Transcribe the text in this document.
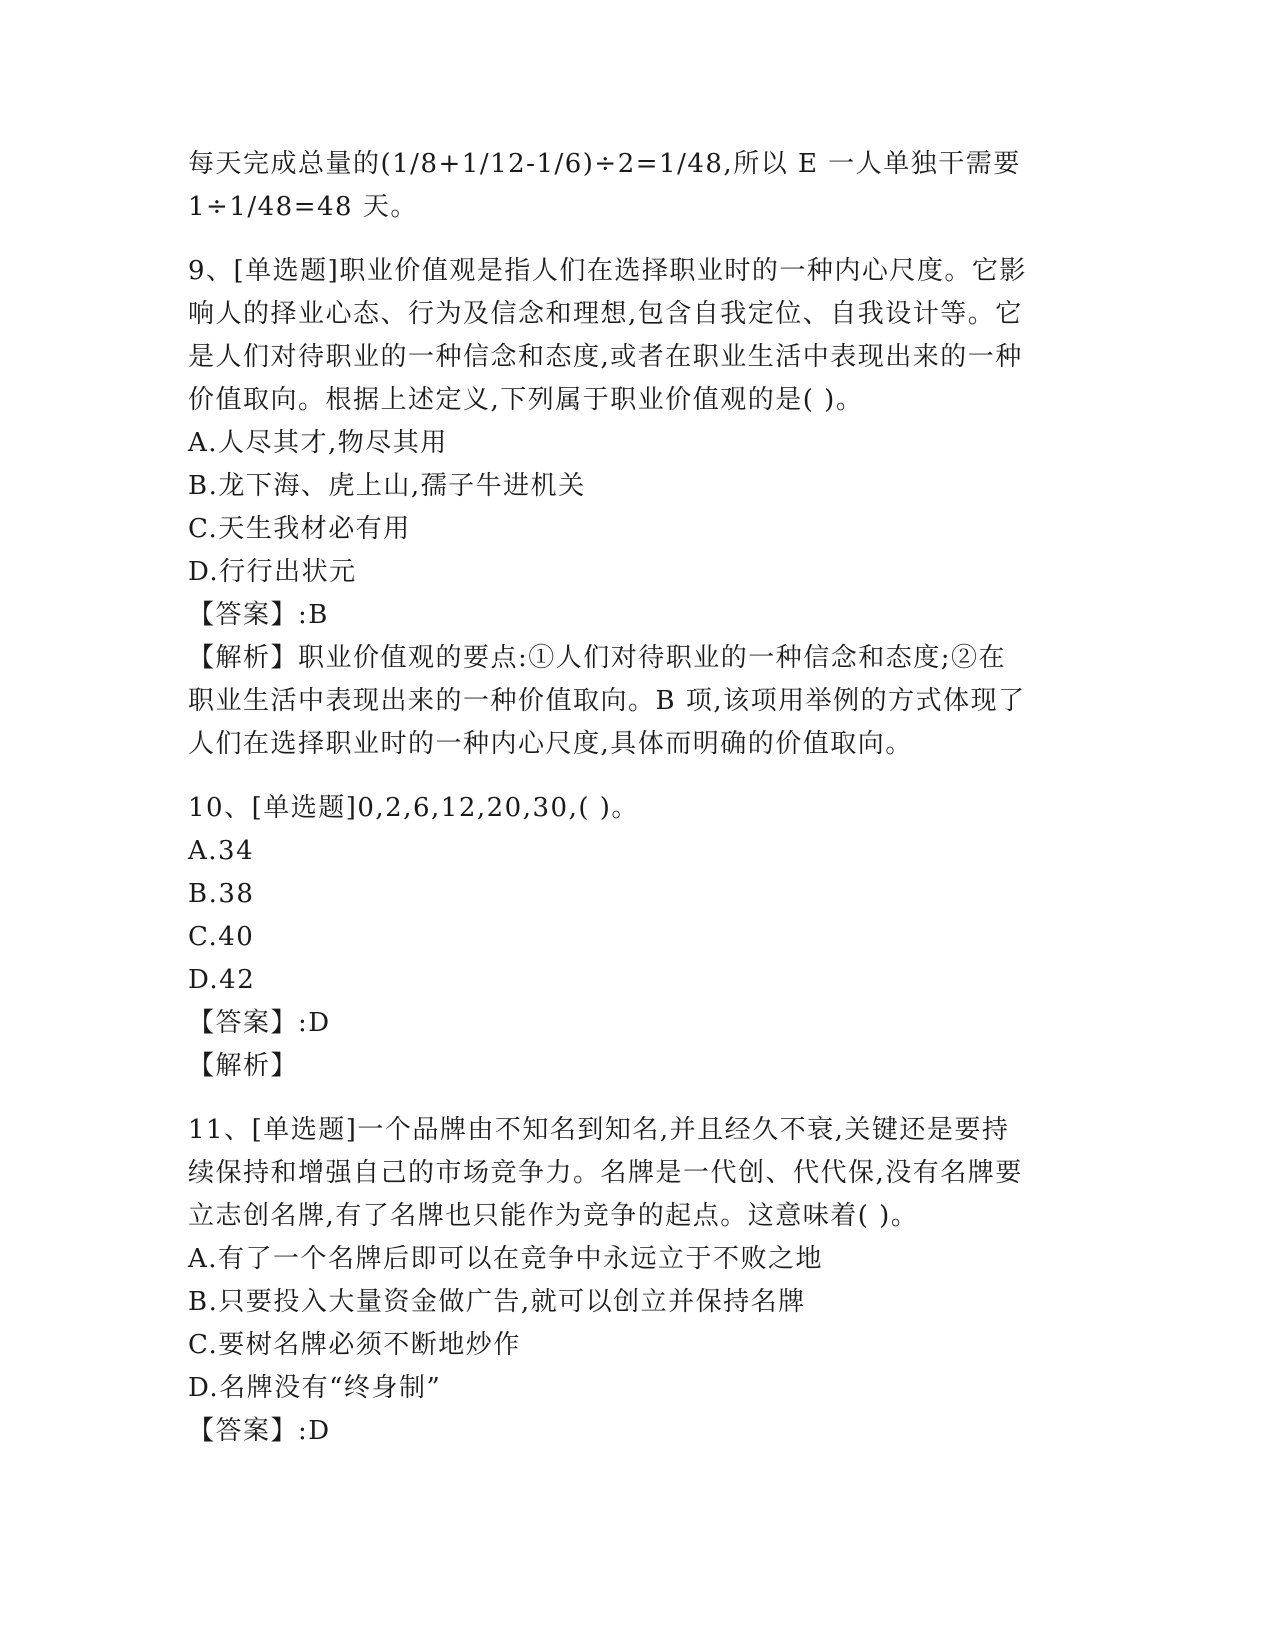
每天完成总量的(1/8+1/12-1/6)÷2=1/48,所以 E 一人单独干需要
1÷1/48=48 天。
9、[单选题]职业价值观是指人们在选择职业时的一种内心尺度。它影
响人的择业心态、行为及信念和理想,包含自我定位、自我设计等。它
是人们对待职业的一种信念和态度,或者在职业生活中表现出来的一种
价值取向。根据上述定义,下列属于职业价值观的是( )。
A.人尽其才,物尽其用
B.龙下海、虎上山,孺子牛进机关
C.天生我材必有用
D.行行出状元
【答案】:B
【解析】职业价值观的要点:①人们对待职业的一种信念和态度;②在
职业生活中表现出来的一种价值取向。B 项,该项用举例的方式体现了
人们在选择职业时的一种内心尺度,具体而明确的价值取向。
10、[单选题]0,2,6,12,20,30,( )。
A.34
B.38
C.40
D.42
【答案】:D
【解析】
11、[单选题]一个品牌由不知名到知名,并且经久不衰,关键还是要持
续保持和增强自己的市场竞争力。名牌是一代创、代代保,没有名牌要
立志创名牌,有了名牌也只能作为竞争的起点。这意味着( )。
A.有了一个名牌后即可以在竞争中永远立于不败之地
B.只要投入大量资金做广告,就可以创立并保持名牌
C.要树名牌必须不断地炒作
D.名牌没有“终身制”
【答案】:D
